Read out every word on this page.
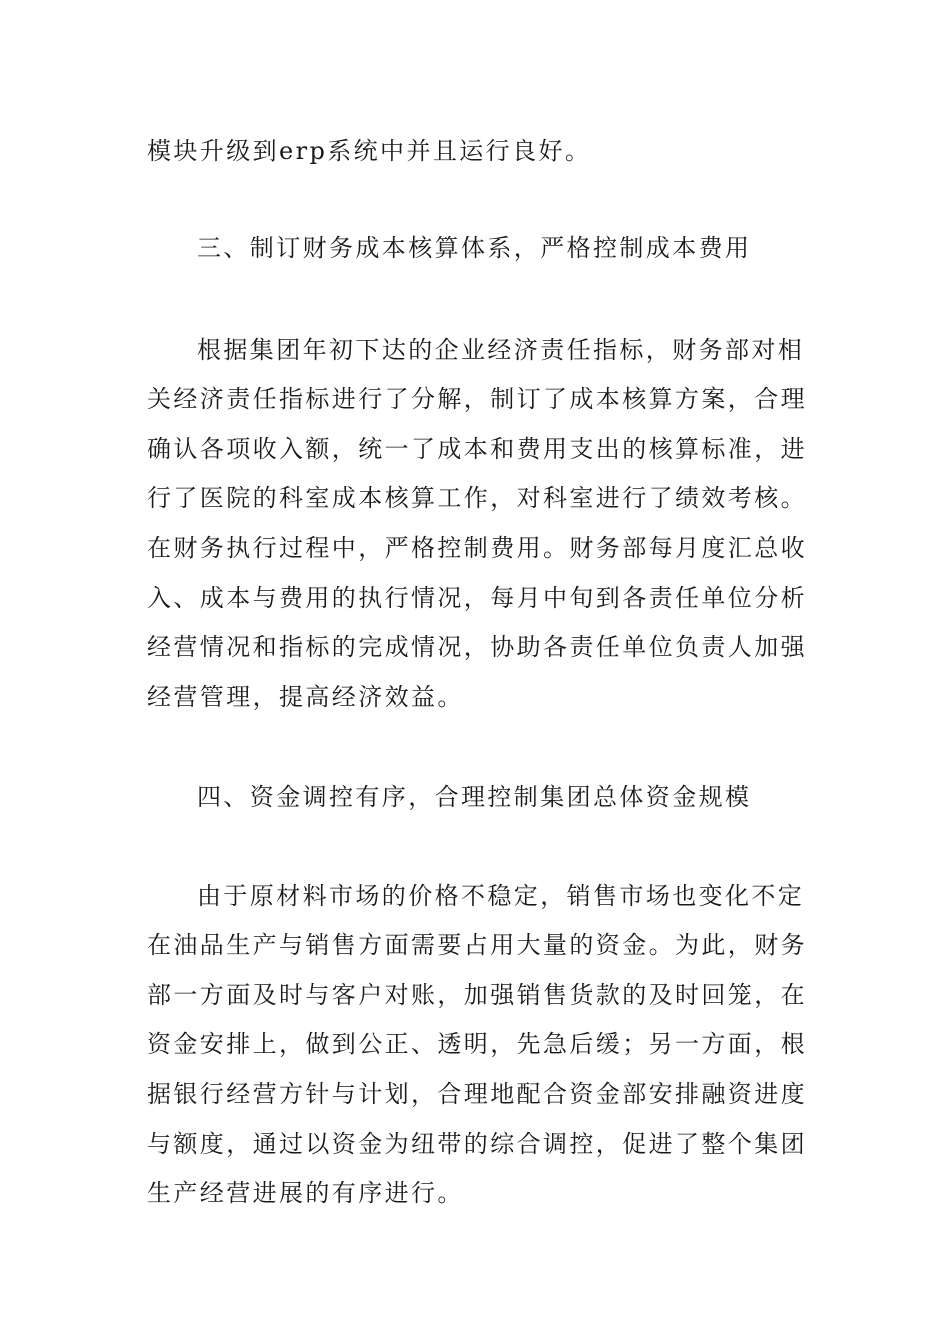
模块升级到erp系统中并且运行良好。
三、制订财务成本核算体系，严格控制成本费用
根据集团年初下达的企业经济责任指标，财务部对相
关经济责任指标进行了分解，制订了成本核算方案，合理
确认各项收入额，统一了成本和费用支出的核算标准，进
行了医院的科室成本核算工作，对科室进行了绩效考核。
在财务执行过程中，严格控制费用。财务部每月度汇总收
入、成本与费用的执行情况，每月中旬到各责任单位分析
经营情况和指标的完成情况，协助各责任单位负责人加强
经营管理，提高经济效益。
四、资金调控有序，合理控制集团总体资金规模
由于原材料市场的价格不稳定，销售市场也变化不定
在油品生产与销售方面需要占用大量的资金。为此，财务
部一方面及时与客户对账，加强销售货款的及时回笼，在
资金安排上，做到公正、透明，先急后缓；另一方面，根
据银行经营方针与计划，合理地配合资金部安排融资进度
与额度，通过以资金为纽带的综合调控，促进了整个集团
生产经营进展的有序进行。
